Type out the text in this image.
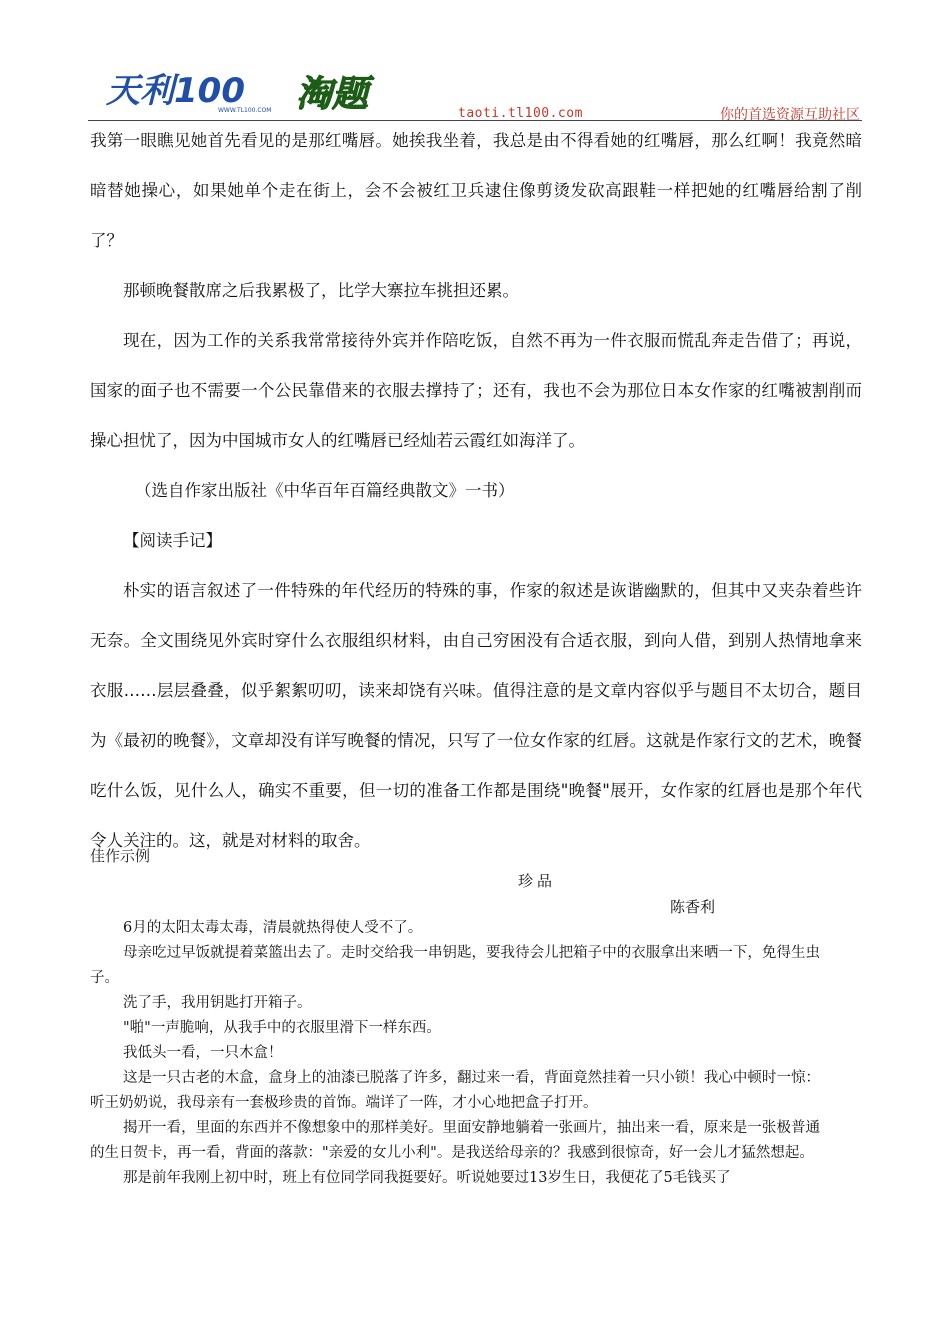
天利100
WWW.TL100.COM 淘题	taoti.tl100.com	你的首选资源互助社区

我第一眼瞧见她首先看见的是那红嘴唇。她挨我坐着，我总是由不得看她的红嘴唇，那么红啊！我竟然暗暗替她操心，如果她单个走在街上，会不会被红卫兵逮住像剪烫发砍高跟鞋一样把她的红嘴唇给割了削了？

那顿晚餐散席之后我累极了，比学大寨拉车挑担还累。

现在，因为工作的关系我常常接待外宾并作陪吃饭，自然不再为一件衣服而慌乱奔走告借了；再说，国家的面子也不需要一个公民靠借来的衣服去撑持了；还有，我也不会为那位日本女作家的红嘴被割削而操心担忧了，因为中国城市女人的红嘴唇已经灿若云霞红如海洋了。

（选自作家出版社《中华百年百篇经典散文》一书）

【阅读手记】

朴实的语言叙述了一件特殊的年代经历的特殊的事，作家的叙述是诙谐幽默的，但其中又夹杂着些许无奈。全文围绕见外宾时穿什么衣服组织材料，由自己穷困没有合适衣服，到向人借，到别人热情地拿来衣服……层层叠叠，似乎絮絮叨叨，读来却饶有兴味。值得注意的是文章内容似乎与题目不太切合，题目为《最初的晚餐》，文章却没有详写晚餐的情况，只写了一位女作家的红唇。这就是作家行文的艺术，晚餐吃什么饭，见什么人，确实不重要，但一切的准备工作都是围绕"晚餐"展开，女作家的红唇也是那个年代令人关注的。这，就是对材料的取舍。

佳作示例
珍品
陈香利

6月的太阳太毒太毒，清晨就热得使人受不了。

母亲吃过早饭就提着菜篮出去了。走时交给我一串钥匙，要我待会儿把箱子中的衣服拿出来晒一下，免得生虫子。

洗了手，我用钥匙打开箱子。

"啪"一声脆响，从我手中的衣服里滑下一样东西。

我低头一看，一只木盒！

这是一只古老的木盒，盒身上的油漆已脱落了许多，翻过来一看，背面竟然挂着一只小锁！我心中顿时一惊：听王奶奶说，我母亲有一套极珍贵的首饰。端详了一阵，才小心地把盒子打开。

揭开一看，里面的东西并不像想象中的那样美好。里面安静地躺着一张画片，抽出来一看，原来是一张极普通的生日贺卡，再一看，背面的落款："亲爱的女儿小利"。是我送给母亲的？我感到很惊奇，好一会儿才猛然想起。

那是前年我刚上初中时，班上有位同学同我挺要好。听说她要过13岁生日，我便花了5毛钱买了
